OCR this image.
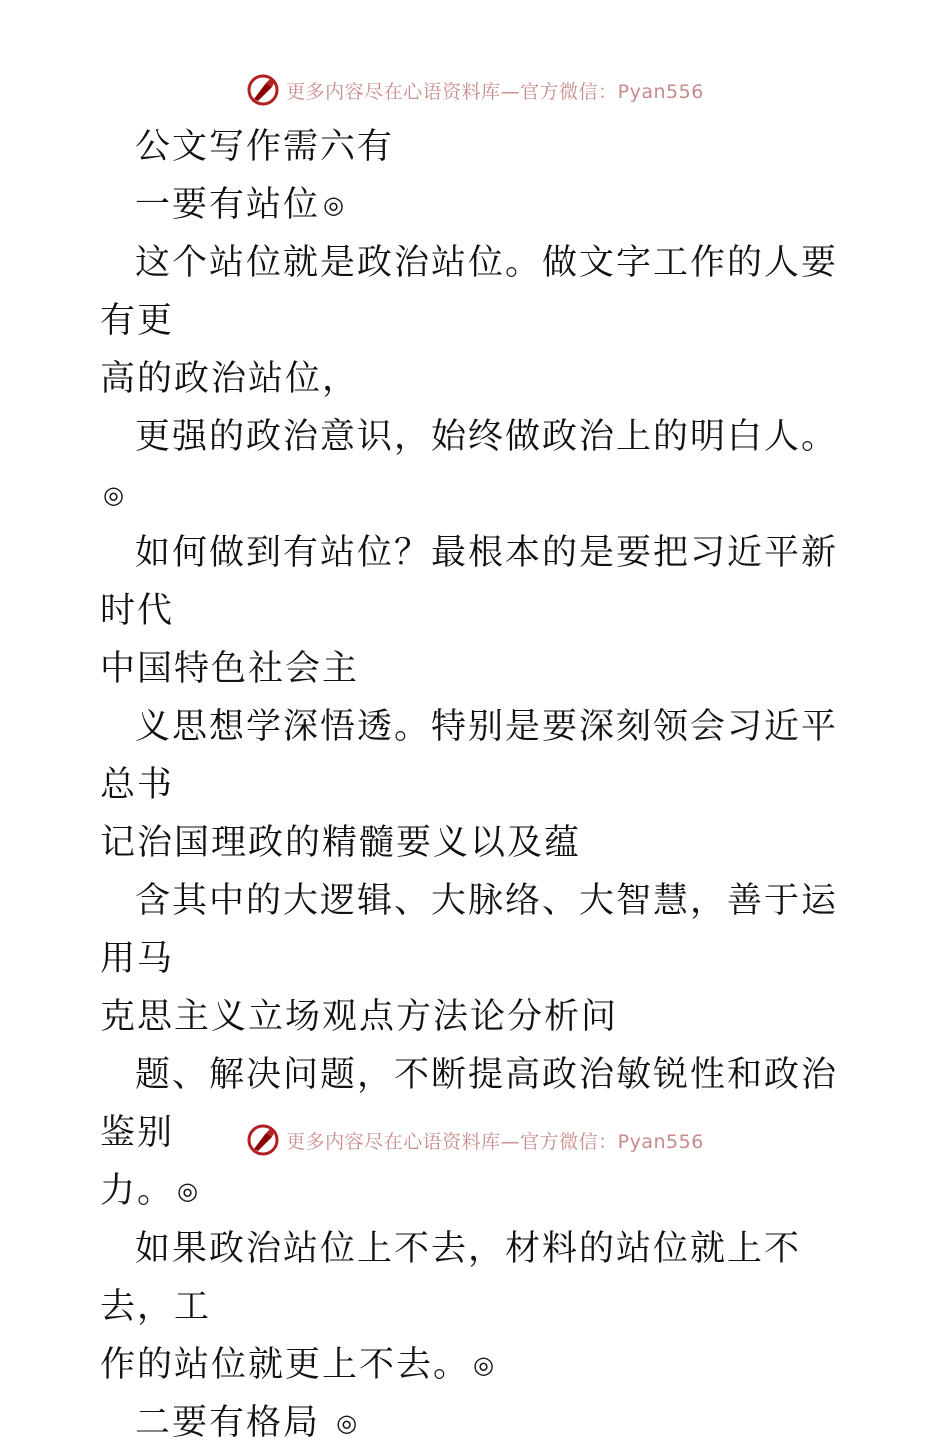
更多内容尽在心语资料库—官方微信：Pyan556
公文写作需六有
一要有站位 ◎
这个站位就是政治站位。做文字工作的人要有更
高的政治站位，
更强的政治意识，始终做政治上的明白人。◎
如何做到有站位？最根本的是要把习近平新时代
中国特色社会主
义思想学深悟透。特别是要深刻领会习近平总书
记治国理政的精髓要义以及蕴
含其中的大逻辑、大脉络、大智慧，善于运用马
克思主义立场观点方法论分析问
题、解决问题，不断提高政治敏锐性和政治鉴别
力。 ◎
如果政治站位上不去，材料的站位就上不去，工
作的站位就更上不去。 ◎
二要有格局 ◎
更多内容尽在心语资料库—官方微信：Pyan556
